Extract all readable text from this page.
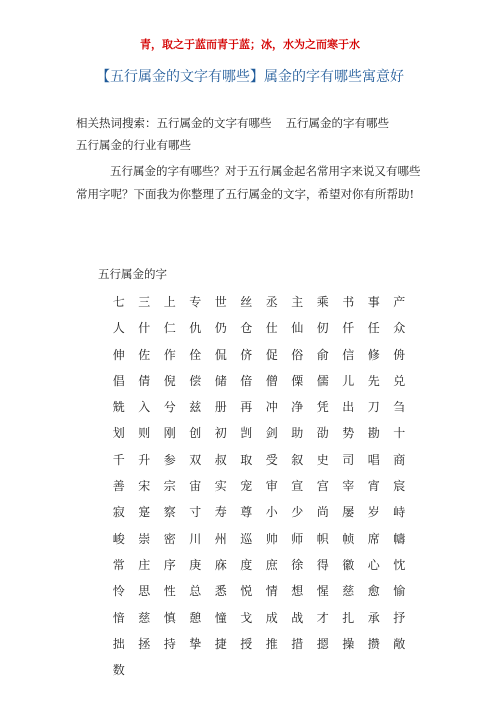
青，取之于蓝而青于蓝；冰，水为之而寒于水
【五行属金的文字有哪些】属金的字有哪些寓意好
相关热词搜索：五行属金的文字有哪些 五行属金的字有哪些
五行属金的行业有哪些
五行属金的字有哪些？对于五行属金起名常用字来说又有哪些常用字呢？下面我为你整理了五行属金的文字，希望对你有所帮助!
五行属金的字
七	三	上	专	世	丝	丞	主	乘	书	事	产
人	什	仁	仇	仍	仓	仕	仙	仞	仟	任	众
伸	佐	作	佺	侃	侪	促	俗	俞	信	修	侜
倡	倩	倪	偿	储	偣	僧	傈	儒	儿	先	兑
兟	入	兮	兹	册	再	冲	净	凭	出	刀	刍
划	则	刚	创	初	剀	剑	助	劭	势	勘	十
千	升	参	双	叔	取	受	叙	史	司	唱	商
善	宋	宗	宙	实	宠	审	宣	宫	宰	宵	宸
寂	寔	察	寸	寿	尊	小	少	尚	屡	岁	峙
峻	崇	密	川	州	巡	帅	师	帜	帧	席	幬
常	庄	序	庚	庥	度	庶	徐	得	徽	心	忱
怜	思	性	总	悉	悦	情	想	惺	慈	愈	愉
愔	慈	慎	憩	憧	戈	成	战	才	扎	承	抒
拙	拯	持	挚	捷	授	推	措	摁	操	攒	敞
数
